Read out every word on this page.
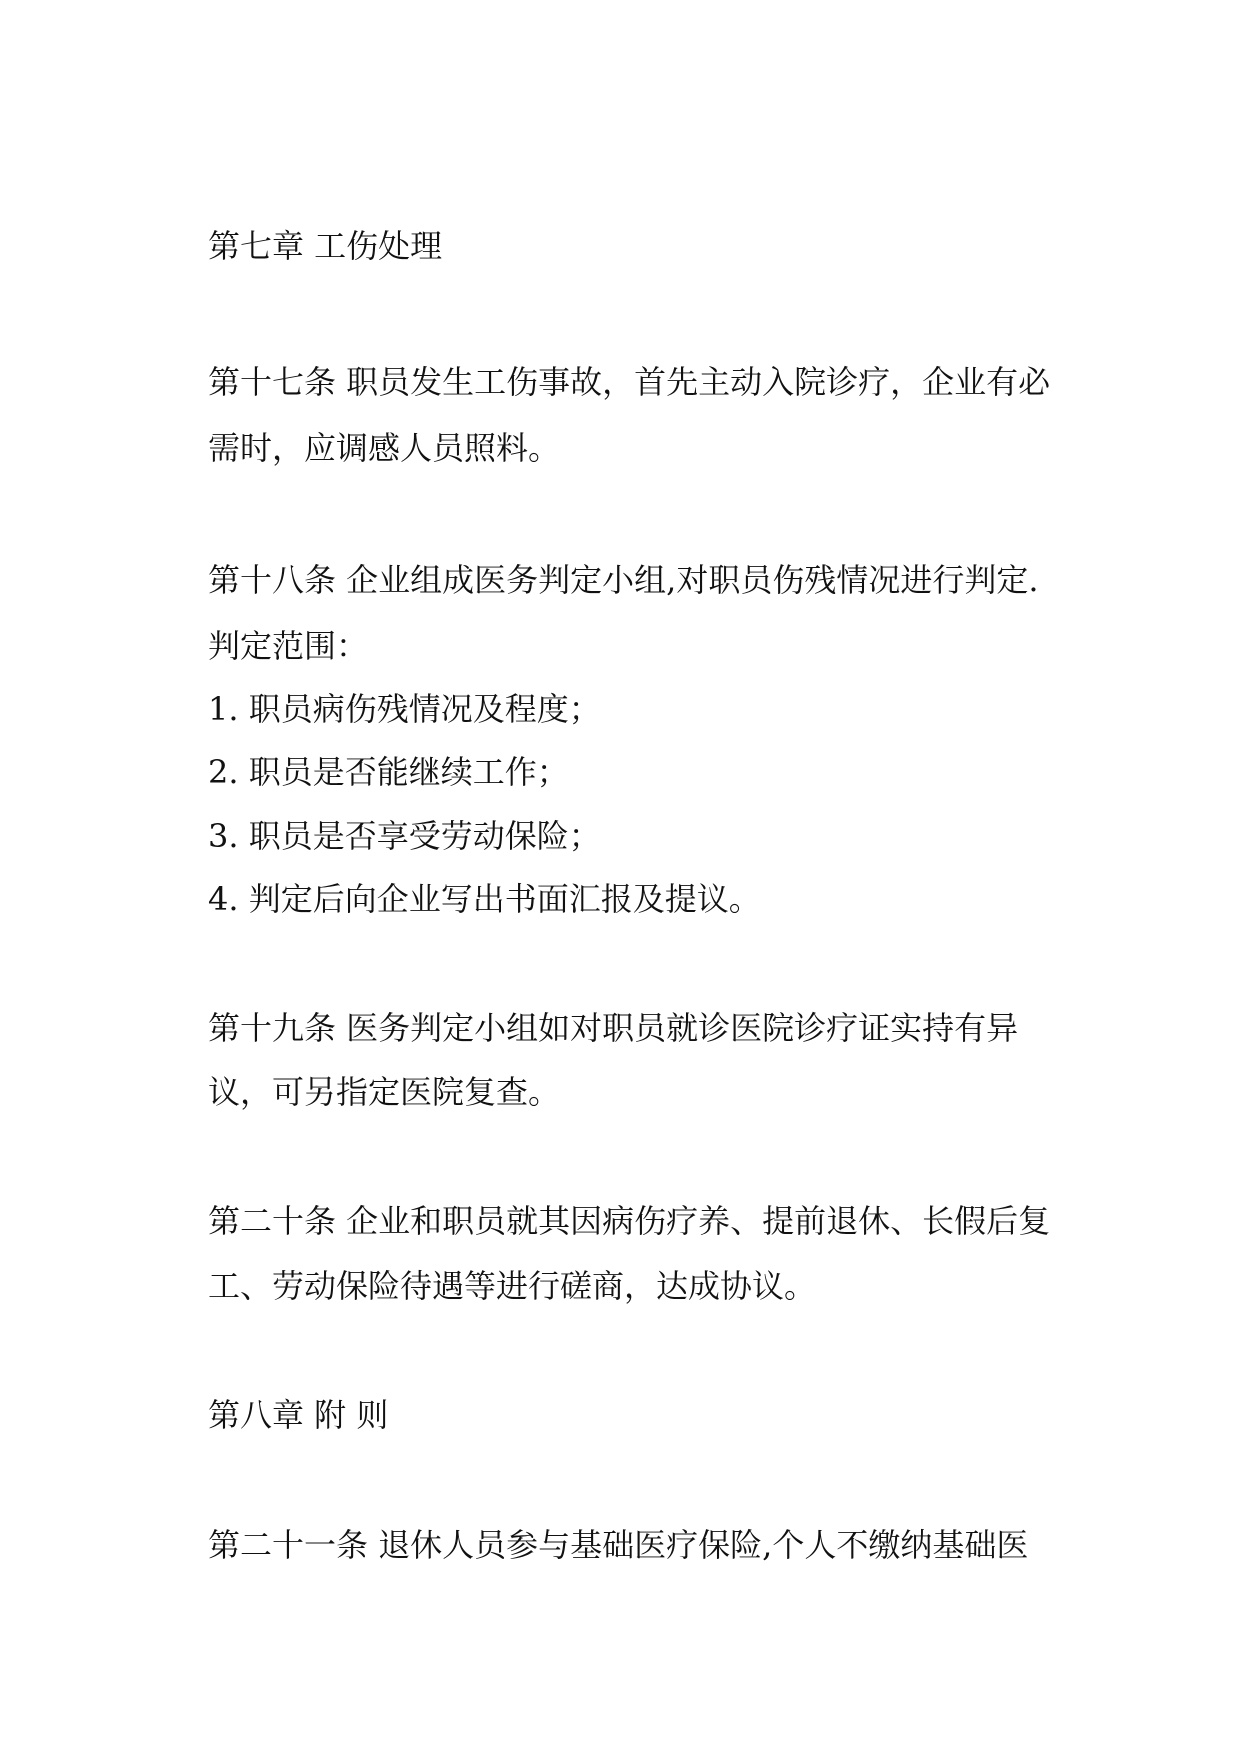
第七章 工伤处理
第十七条 职员发生工伤事故，首先主动入院诊疗，企业有必
需时，应调感人员照料。
第十八条 企业组成医务判定小组,对职员伤残情况进行判定.
判定范围：
1. 职员病伤残情况及程度；
2. 职员是否能继续工作；
3. 职员是否享受劳动保险；
4. 判定后向企业写出书面汇报及提议。
第十九条 医务判定小组如对职员就诊医院诊疗证实持有异
议，可另指定医院复查。
第二十条 企业和职员就其因病伤疗养、提前退休、长假后复
工、劳动保险待遇等进行磋商，达成协议。
第八章 附 则
第二十一条 退休人员参与基础医疗保险,个人不缴纳基础医
